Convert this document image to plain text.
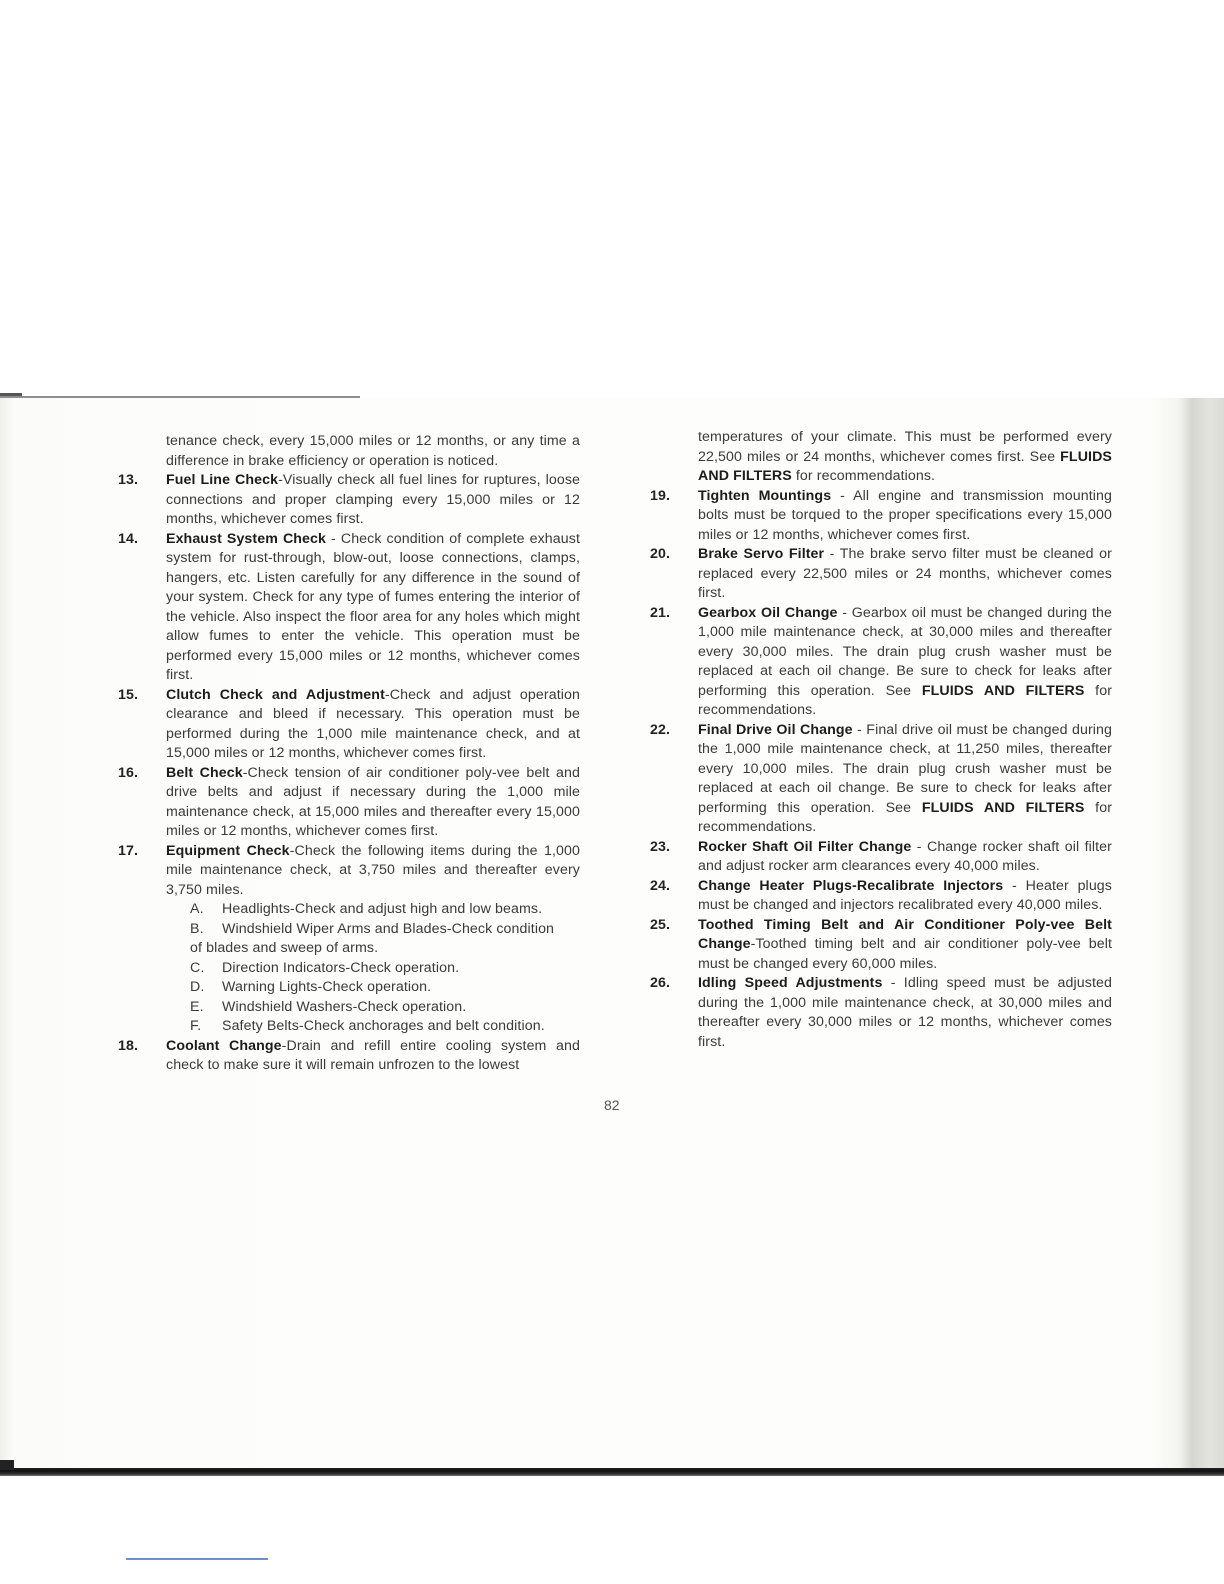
tenance check, every 15,000 miles or 12 months, or any time a difference in brake efficiency or operation is noticed.
13.	Fuel Line Check-Visually check all fuel lines for ruptures, loose connections and proper clamping every 15,000 miles or 12 months, whichever comes first.
14.	Exhaust System Check - Check condition of complete exhaust system for rust-through, blow-out, loose connections, clamps, hangers, etc. Listen carefully for any difference in the sound of your system. Check for any type of fumes entering the interior of the vehicle. Also inspect the floor area for any holes which might allow fumes to enter the vehicle. This operation must be performed every 15,000 miles or 12 months, whichever comes first.
15.	Clutch Check and Adjustment-Check and adjust operation clearance and bleed if necessary. This operation must be performed during the 1,000 mile maintenance check, and at 15,000 miles or 12 months, whichever comes first.
16.	Belt Check-Check tension of air conditioner poly-vee belt and drive belts and adjust if necessary during the 1,000 mile maintenance check, at 15,000 miles and thereafter every 15,000 miles or 12 months, whichever comes first.
17.	Equipment Check-Check the following items during the 1,000 mile maintenance check, at 3,750 miles and thereafter every 3,750 miles.
A.	Headlights-Check and adjust high and low beams.
B.	Windshield Wiper Arms and Blades-Check condition
of blades and sweep of arms.
C.	Direction Indicators-Check operation.
D.	Warning Lights-Check operation.
E.	Windshield Washers-Check operation.
F.	Safety Belts-Check anchorages and belt condition.
18.	Coolant Change-Drain and refill entire cooling system and check to make sure it will remain unfrozen to the lowest
temperatures of your climate. This must be performed every 22,500 miles or 24 months, whichever comes first. See FLUIDS AND FILTERS for recommendations.
19.	Tighten Mountings - All engine and transmission mounting bolts must be torqued to the proper specifications every 15,000 miles or 12 months, whichever comes first.
20.	Brake Servo Filter - The brake servo filter must be cleaned or replaced every 22,500 miles or 24 months, whichever comes first.
21.	Gearbox Oil Change - Gearbox oil must be changed during the 1,000 mile maintenance check, at 30,000 miles and thereafter every 30,000 miles. The drain plug crush washer must be replaced at each oil change. Be sure to check for leaks after performing this operation. See FLUIDS AND FILTERS for recommendations.
22.	Final Drive Oil Change - Final drive oil must be changed during the 1,000 mile maintenance check, at 11,250 miles, thereafter every 10,000 miles. The drain plug crush washer must be replaced at each oil change. Be sure to check for leaks after performing this operation. See FLUIDS AND FILTERS for recommendations.
23.	Rocker Shaft Oil Filter Change - Change rocker shaft oil filter and adjust rocker arm clearances every 40,000 miles.
24.	Change Heater Plugs-Recalibrate Injectors - Heater plugs must be changed and injectors recalibrated every 40,000 miles.
25.	Toothed Timing Belt and Air Conditioner Poly-vee Belt Change-Toothed timing belt and air conditioner poly-vee belt must be changed every 60,000 miles.
26.	Idling Speed Adjustments - Idling speed must be adjusted during the 1,000 mile maintenance check, at 30,000 miles and thereafter every 30,000 miles or 12 months, whichever comes first.
82
